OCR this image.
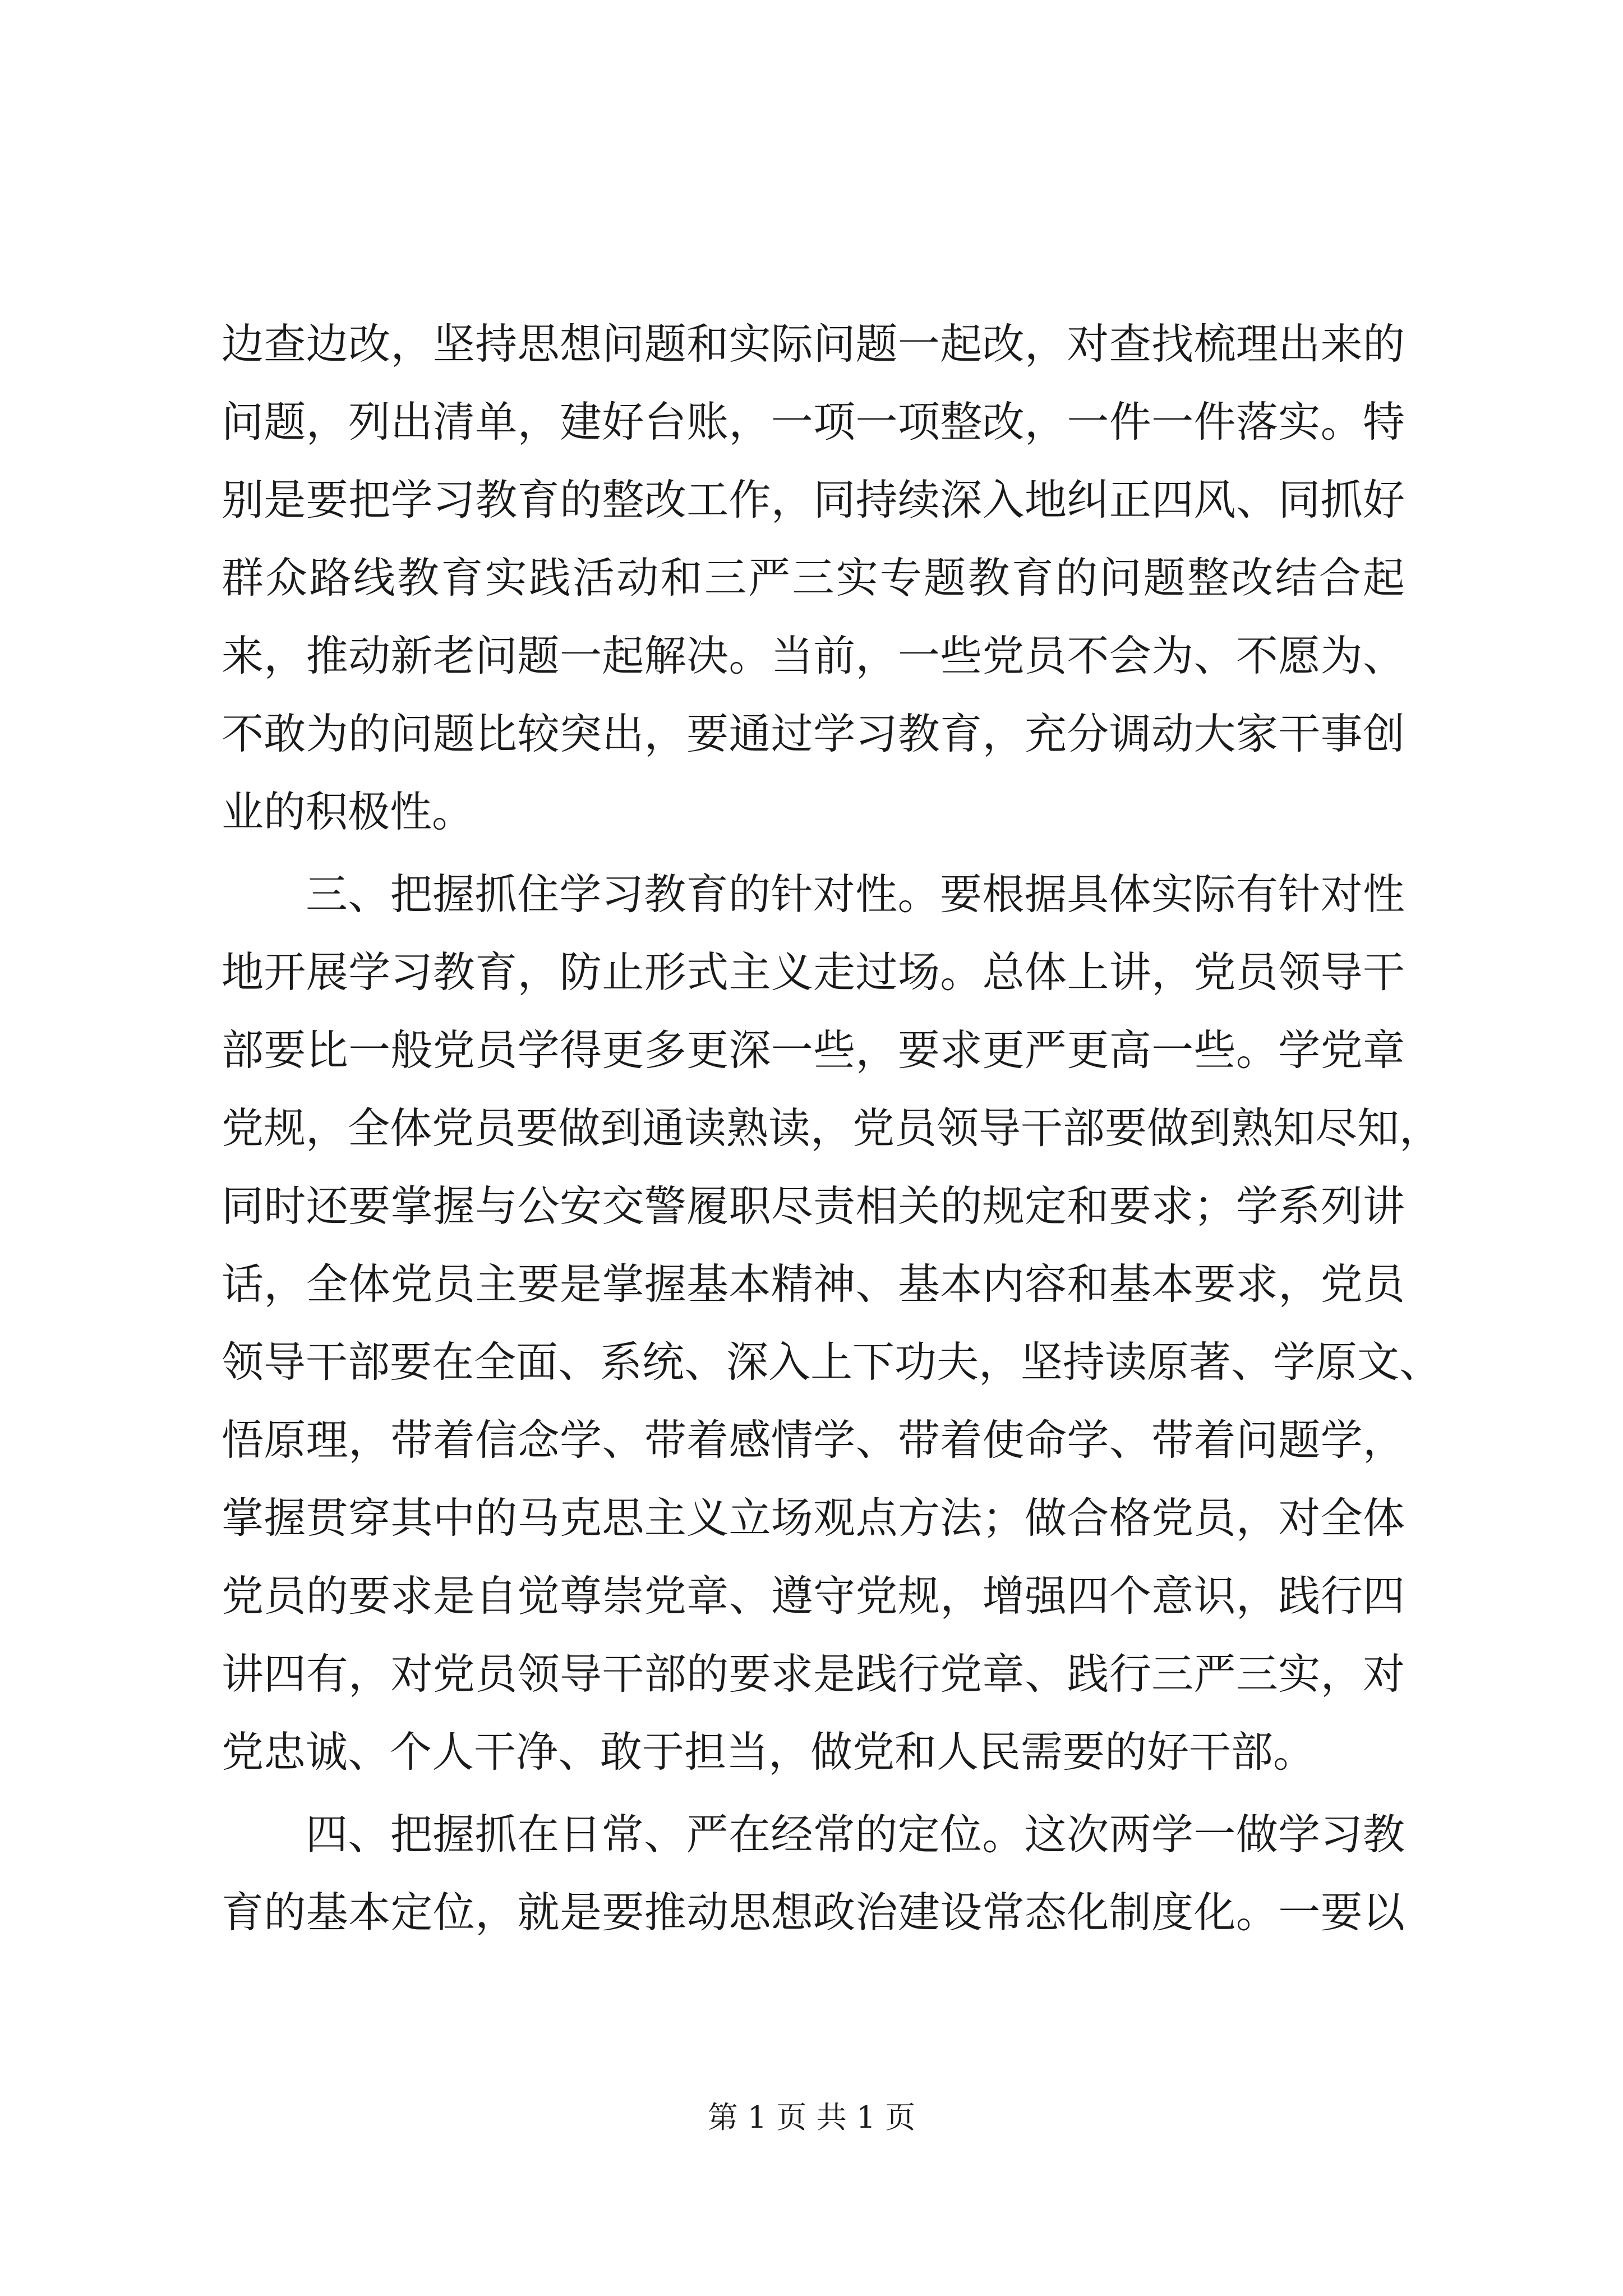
边查边改，坚持思想问题和实际问题一起改，对查找梳理出来的
问题，列出清单，建好台账，一项一项整改，一件一件落实。特
别是要把学习教育的整改工作，同持续深入地纠正四风、同抓好
群众路线教育实践活动和三严三实专题教育的问题整改结合起
来，推动新老问题一起解决。当前，一些党员不会为、不愿为、
不敢为的问题比较突出，要通过学习教育，充分调动大家干事创
业的积极性。
三、把握抓住学习教育的针对性。要根据具体实际有针对性
地开展学习教育，防止形式主义走过场。总体上讲，党员领导干
部要比一般党员学得更多更深一些，要求更严更高一些。学党章
党规，全体党员要做到通读熟读，党员领导干部要做到熟知尽知，
同时还要掌握与公安交警履职尽责相关的规定和要求；学系列讲
话，全体党员主要是掌握基本精神、基本内容和基本要求，党员
领导干部要在全面、系统、深入上下功夫，坚持读原著、学原文、
悟原理，带着信念学、带着感情学、带着使命学、带着问题学，
掌握贯穿其中的马克思主义立场观点方法；做合格党员，对全体
党员的要求是自觉尊崇党章、遵守党规，增强四个意识，践行四
讲四有，对党员领导干部的要求是践行党章、践行三严三实，对
党忠诚、个人干净、敢于担当，做党和人民需要的好干部。
四、把握抓在日常、严在经常的定位。这次两学一做学习教
育的基本定位，就是要推动思想政治建设常态化制度化。一要以
第 1 页 共 1 页
